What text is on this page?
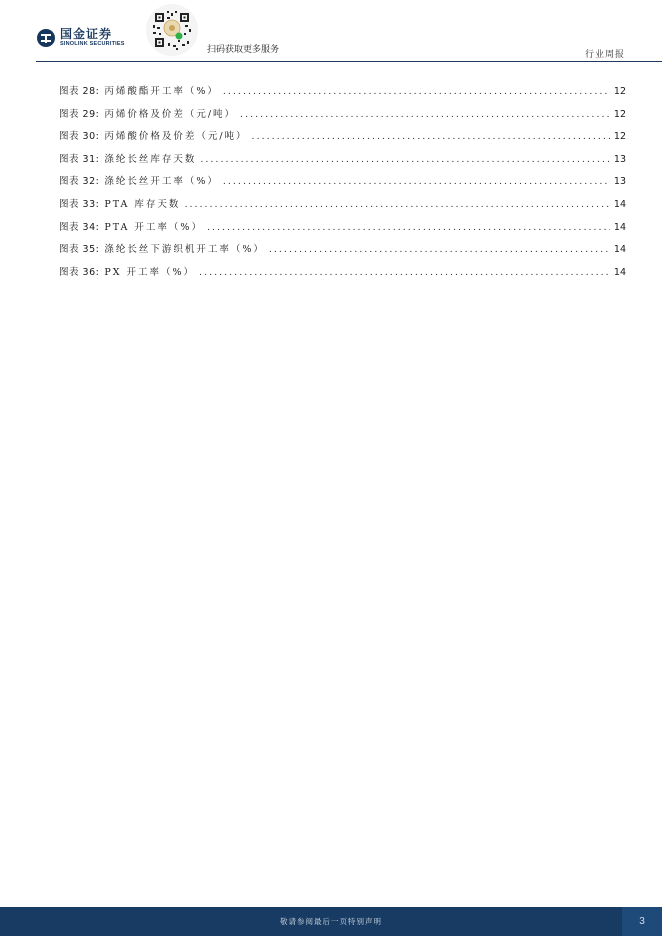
国金证券
SINOLINK SECURITIES
扫码获取更多服务	行业周报
图表 28: 丙烯酸酯开工率（%） .....	12
图表 29: 丙烯价格及价差（元/吨） .....	12
图表 30: 丙烯酸价格及价差（元/吨） .....	12
图表 31: 涤纶长丝库存天数 .....	13
图表 32: 涤纶长丝开工率（%） .....	13
图表 33: PTA 库存天数 .....	14
图表 34: PTA 开工率（%） .....	14
图表 35: 涤纶长丝下游织机开工率（%） .....	14
图表 36: PX 开工率（%） .....	14
敬请参阅最后一页特别声明	3
